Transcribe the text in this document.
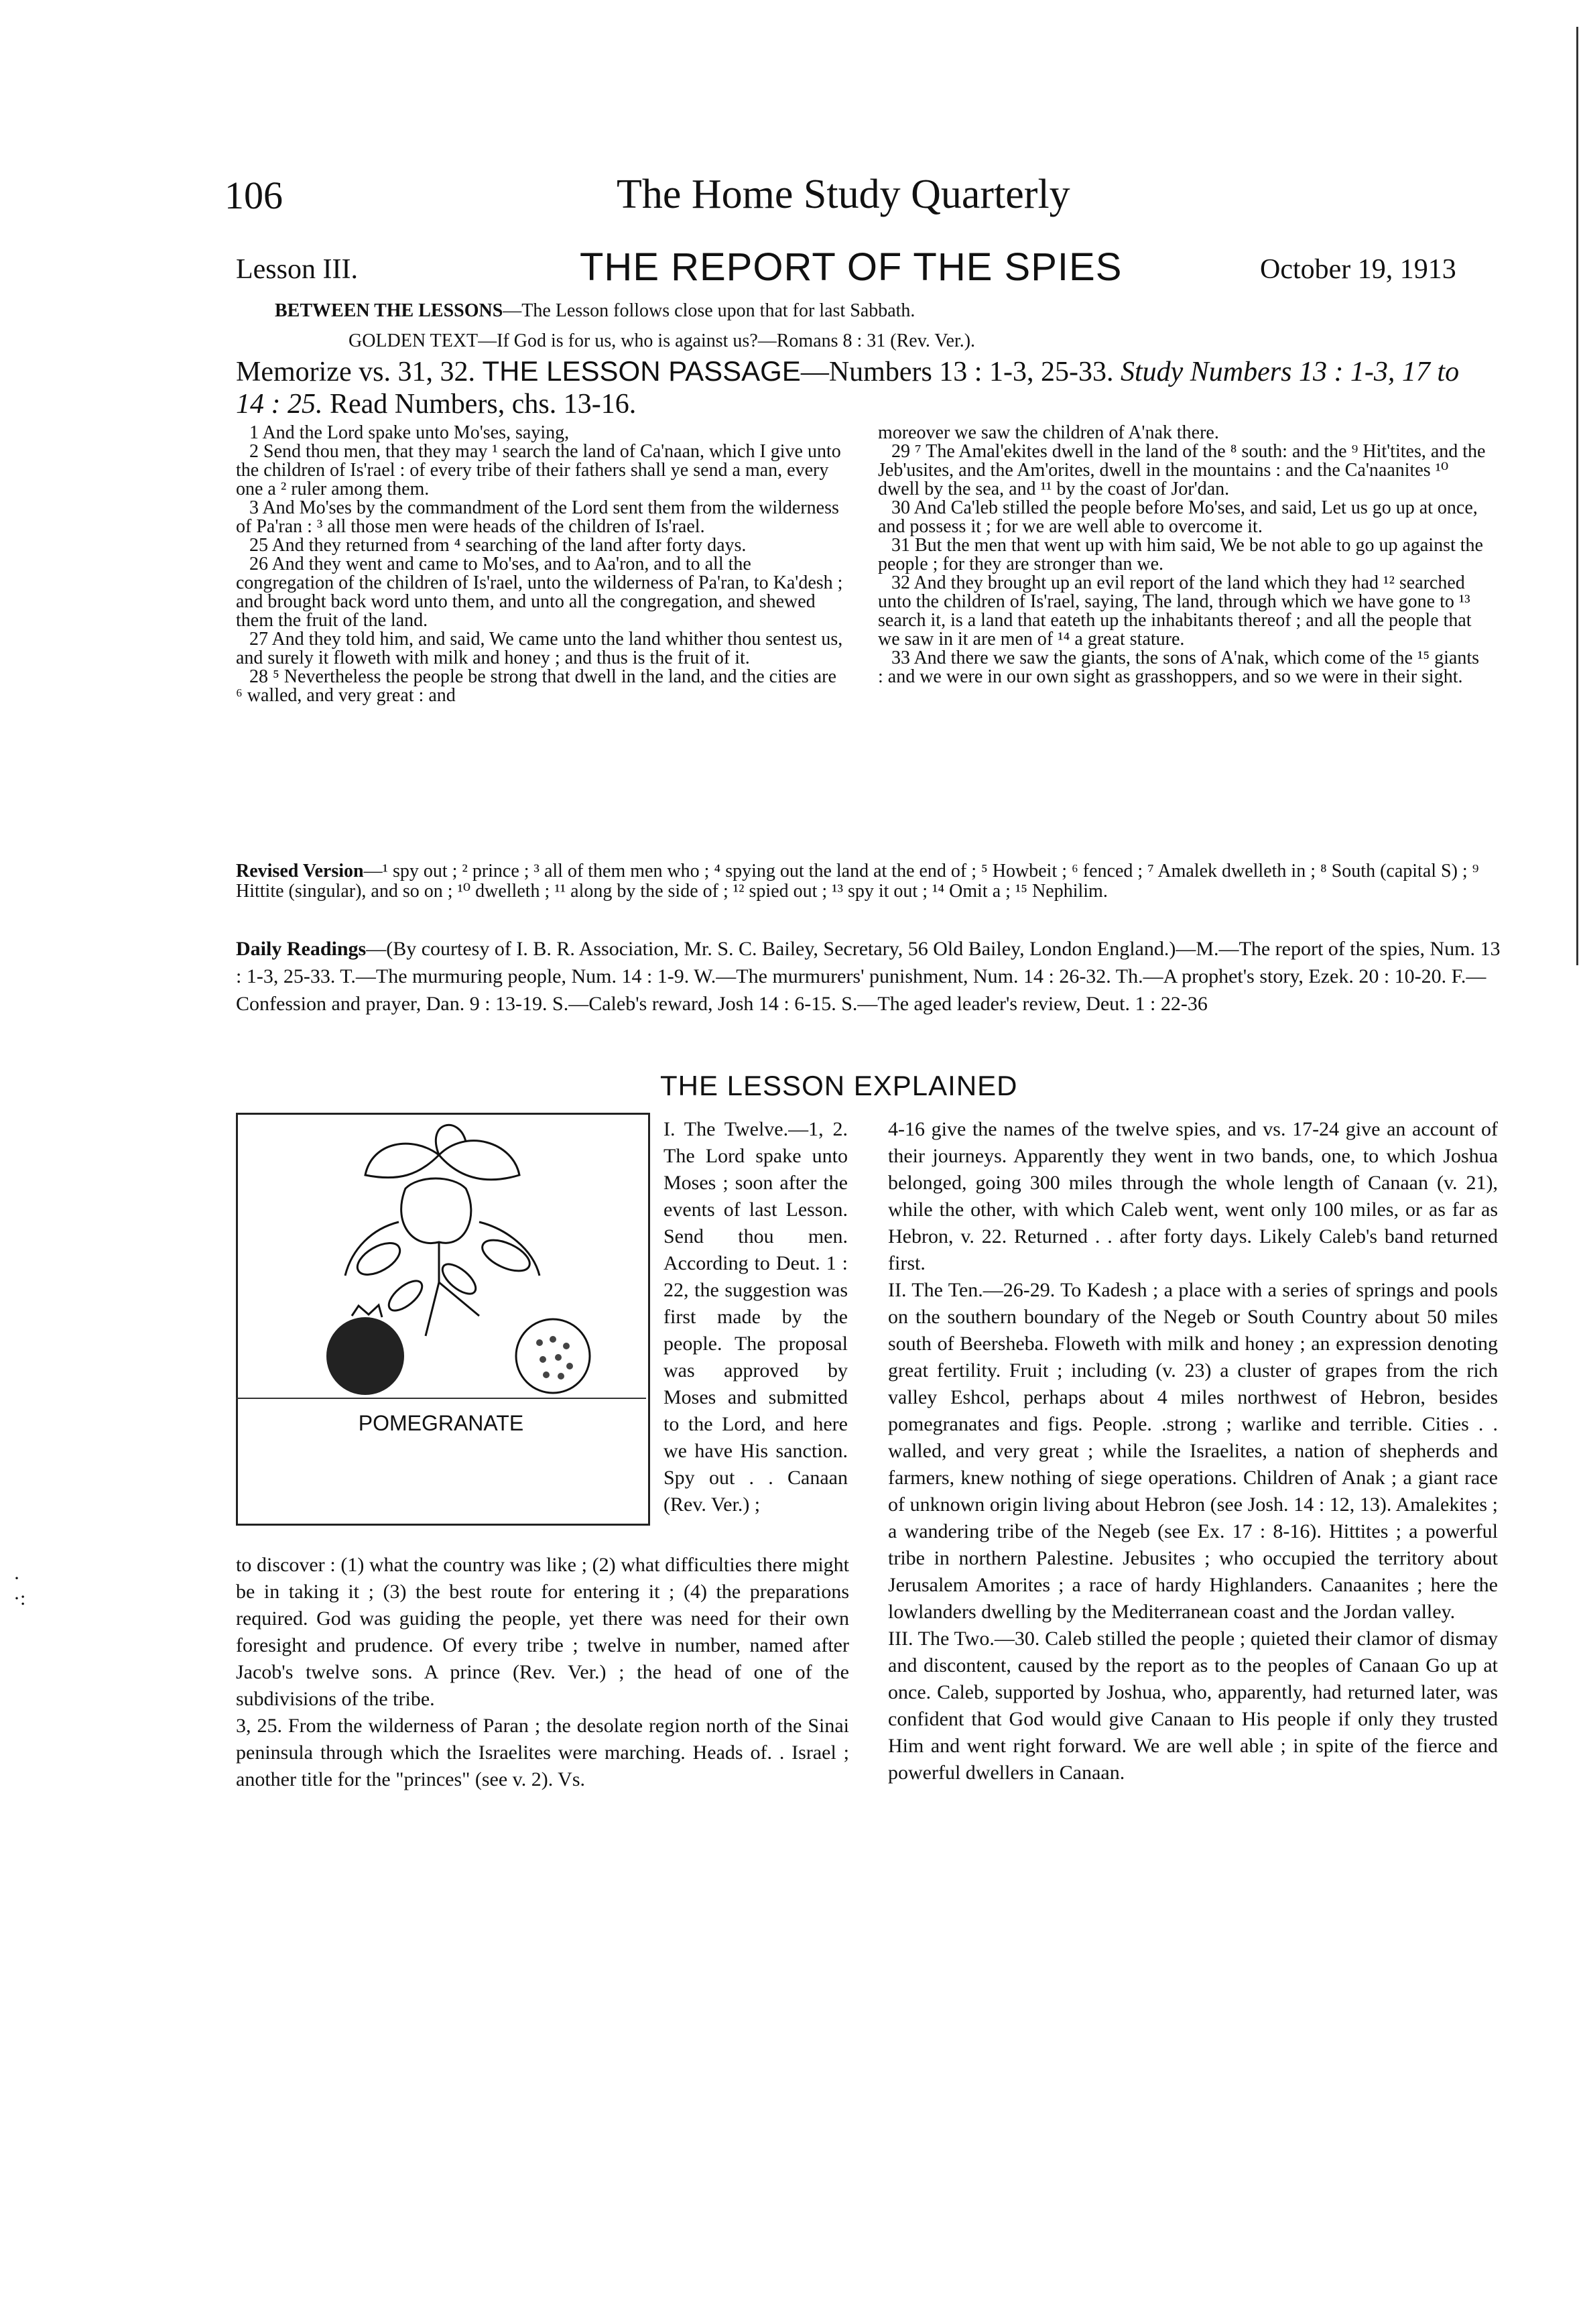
106	The Home Study Quarterly
Lesson III.	THE REPORT OF THE SPIES	October 19, 1913
BETWEEN THE LESSONS—The Lesson follows close upon that for last Sabbath.
GOLDEN TEXT—If God is for us, who is against us?—Romans 8 : 31 (Rev. Ver.).
Memorize vs. 31, 32. THE LESSON PASSAGE—Numbers 13 : 1-3, 25-33. Study Numbers 13 : 1-3, 17 to 14 : 25. Read Numbers, chs. 13-16.

1 And the Lord spake unto Mo'ses, saying,

2 Send thou men, that they may ¹ search the land of Ca'naan, which I give unto the children of Is'rael : of every tribe of their fathers shall ye send a man, every one a ² ruler among them.

3 And Mo'ses by the commandment of the Lord sent them from the wilderness of Pa'ran : ³ all those men were heads of the children of Is'rael.

25 And they returned from ⁴ searching of the land after forty days.

26 And they went and came to Mo'ses, and to Aa'ron, and to all the congregation of the children of Is'rael, unto the wilderness of Pa'ran, to Ka'desh ; and brought back word unto them, and unto all the congregation, and shewed them the fruit of the land.

27 And they told him, and said, We came unto the land whither thou sentest us, and surely it floweth with milk and honey ; and thus is the fruit of it.

28 ⁵ Nevertheless the people be strong that dwell in the land, and the cities are ⁶ walled, and very great : and

moreover we saw the children of A'nak there.

29 ⁷ The Amal'ekites dwell in the land of the ⁸ south: and the ⁹ Hit'tites, and the Jeb'usites, and the Am'orites, dwell in the mountains : and the Ca'naanites ¹⁰ dwell by the sea, and ¹¹ by the coast of Jor'dan.

30 And Ca'leb stilled the people before Mo'ses, and said, Let us go up at once, and possess it ; for we are well able to overcome it.

31 But the men that went up with him said, We be not able to go up against the people ; for they are stronger than we.

32 And they brought up an evil report of the land which they had ¹² searched unto the children of Is'rael, saying, The land, through which we have gone to ¹³ search it, is a land that eateth up the inhabitants thereof ; and all the people that we saw in it are men of ¹⁴ a great stature.

33 And there we saw the giants, the sons of A'nak, which come of the ¹⁵ giants : and we were in our own sight as grasshoppers, and so we were in their sight.

Revised Version—¹ spy out ; ² prince ; ³ all of them men who ; ⁴ spying out the land at the end of ; ⁵ Howbeit ; ⁶ fenced ; ⁷ Amalek dwelleth in ; ⁸ South (capital S) ; ⁹ Hittite (singular), and so on ; ¹⁰ dwelleth ; ¹¹ along by the side of ; ¹² spied out ; ¹³ spy it out ; ¹⁴ Omit a ; ¹⁵ Nephilim.
Daily Readings—(By courtesy of I. B. R. Association, Mr. S. C. Bailey, Secretary, 56 Old Bailey, London England.)—M.—The report of the spies, Num. 13 : 1-3, 25-33. T.—The murmuring people, Num. 14 : 1-9. W.—The murmurers' punishment, Num. 14 : 26-32. Th.—A prophet's story, Ezek. 20 : 10-20. F.—Confession and prayer, Dan. 9 : 13-19. S.—Caleb's reward, Josh 14 : 6-15. S.—The aged leader's review, Deut. 1 : 22-36
THE LESSON EXPLAINED
POMEGRANATE

I. The Twelve.—1, 2. The Lord spake unto Moses ; soon after the events of last Lesson. Send thou men. According to Deut. 1 : 22, the suggestion was first made by the people. The proposal was approved by Moses and submitted to the Lord, and here we have His sanction. Spy out . . Canaan (Rev. Ver.) ;

to discover : (1) what the country was like ; (2) what difficulties there might be in taking it ; (3) the best route for entering it ; (4) the preparations required. God was guiding the people, yet there was need for their own foresight and prudence. Of every tribe ; twelve in number, named after Jacob's twelve sons. A prince (Rev. Ver.) ; the head of one of the subdivisions of the tribe.

3, 25. From the wilderness of Paran ; the desolate region north of the Sinai peninsula through which the Israelites were marching. Heads of. . Israel ; another title for the "princes" (see v. 2). Vs.

4-16 give the names of the twelve spies, and vs. 17-24 give an account of their journeys. Apparently they went in two bands, one, to which Joshua belonged, going 300 miles through the whole length of Canaan (v. 21), while the other, with which Caleb went, went only 100 miles, or as far as Hebron, v. 22. Returned . . after forty days. Likely Caleb's band returned first.

II. The Ten.—26-29. To Kadesh ; a place with a series of springs and pools on the southern boundary of the Negeb or South Country about 50 miles south of Beersheba. Floweth with milk and honey ; an expression denoting great fertility. Fruit ; including (v. 23) a cluster of grapes from the rich valley Eshcol, perhaps about 4 miles northwest of Hebron, besides pomegranates and figs. People. .strong ; warlike and terrible. Cities . . walled, and very great ; while the Israelites, a nation of shepherds and farmers, knew nothing of siege operations. Children of Anak ; a giant race of unknown origin living about Hebron (see Josh. 14 : 12, 13). Amalekites ; a wandering tribe of the Negeb (see Ex. 17 : 8-16). Hittites ; a powerful tribe in northern Palestine. Jebusites ; who occupied the territory about Jerusalem Amorites ; a race of hardy Highlanders. Canaanites ; here the lowlanders dwelling by the Mediterranean coast and the Jordan valley.

III. The Two.—30. Caleb stilled the people ; quieted their clamor of dismay and discontent, caused by the report as to the peoples of Canaan Go up at once. Caleb, supported by Joshua, who, apparently, had returned later, was confident that God would give Canaan to His people if only they trusted Him and went right forward. We are well able ; in spite of the fierce and powerful dwellers in Canaan.

·
·:
